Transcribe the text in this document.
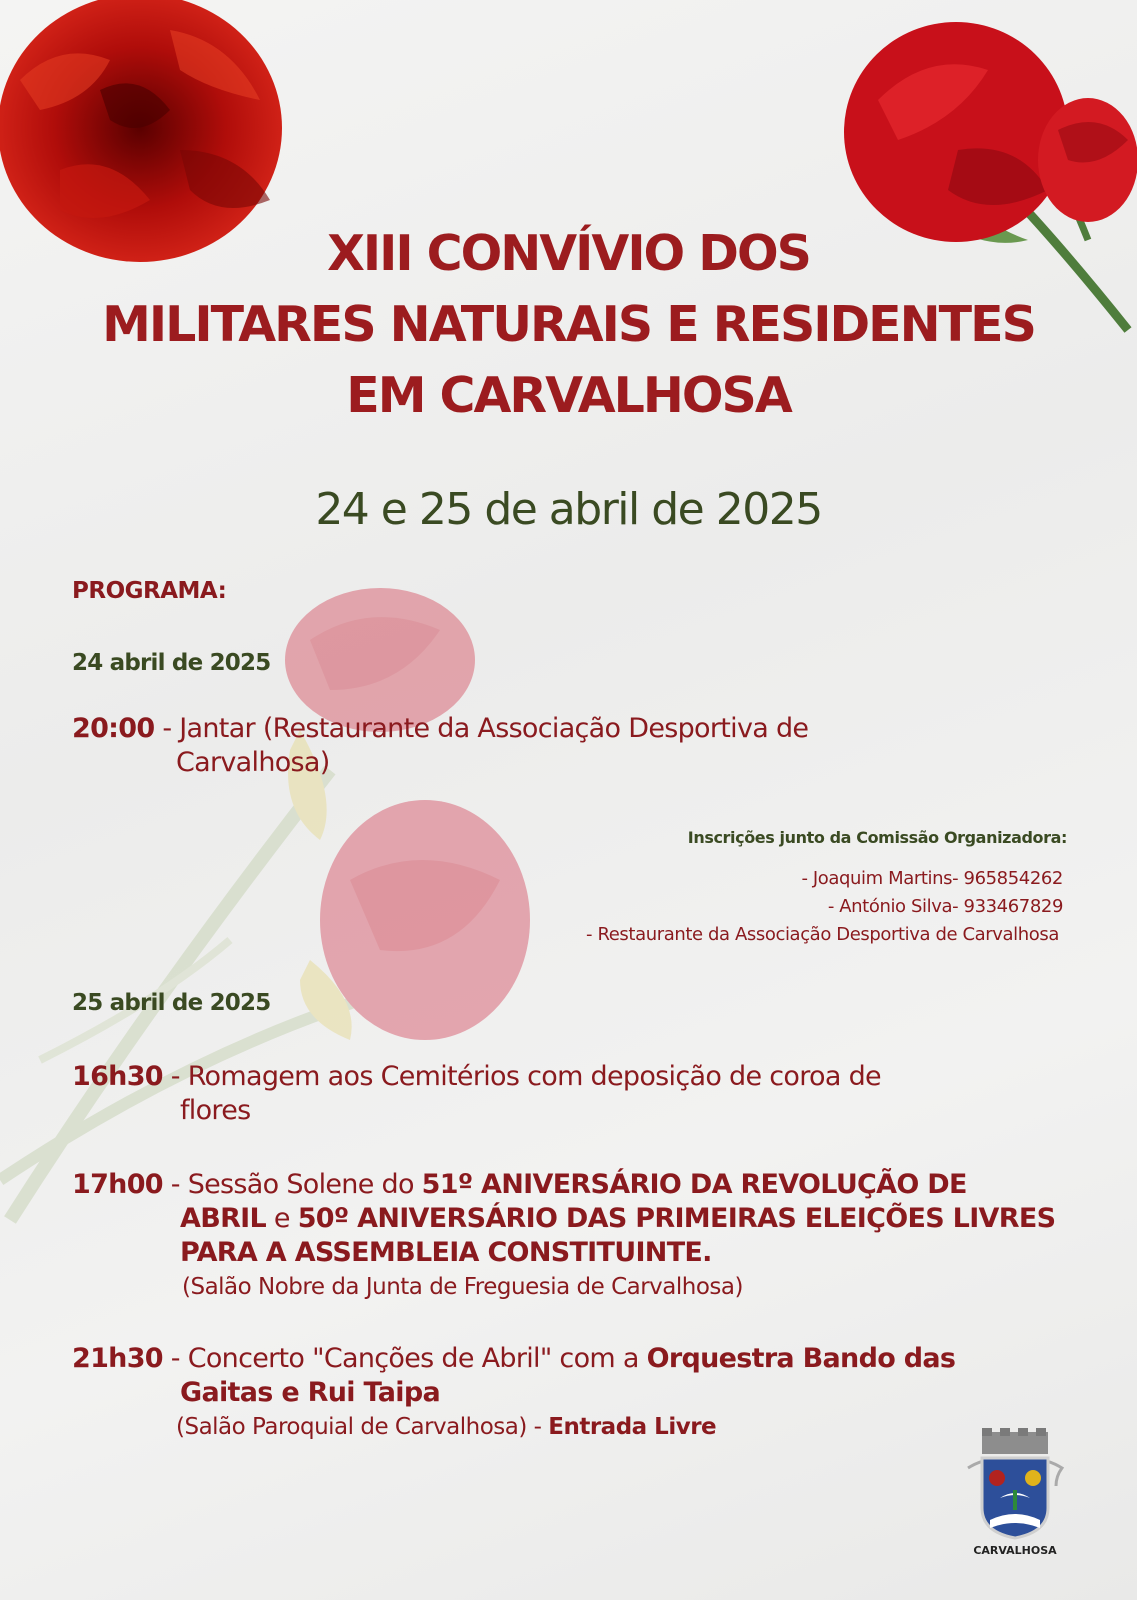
XIII CONVÍVIO DOS
MILITARES NATURAIS E RESIDENTES
EM CARVALHOSA
24 e 25 de abril de 2025
PROGRAMA:
24 abril de 2025
20:00 - Jantar (Restaurante da Associação Desportiva de
Carvalhosa)
Inscrições junto da Comissão Organizadora:
- Joaquim Martins- 965854262
- António Silva- 933467829
- Restaurante da Associação Desportiva de Carvalhosa
25 abril de 2025
16h30 - Romagem aos Cemitérios com deposição de coroa de
flores
17h00 - Sessão Solene do 51º ANIVERSÁRIO DA REVOLUÇÃO DE
ABRIL e 50º ANIVERSÁRIO DAS PRIMEIRAS ELEIÇÕES LIVRES
PARA A ASSEMBLEIA CONSTITUINTE.
(Salão Nobre da Junta de Freguesia de Carvalhosa)
21h30 - Concerto "Canções de Abril" com a Orquestra Bando das
Gaitas e Rui Taipa
(Salão Paroquial de Carvalhosa) - Entrada Livre
CARVALHOSA
